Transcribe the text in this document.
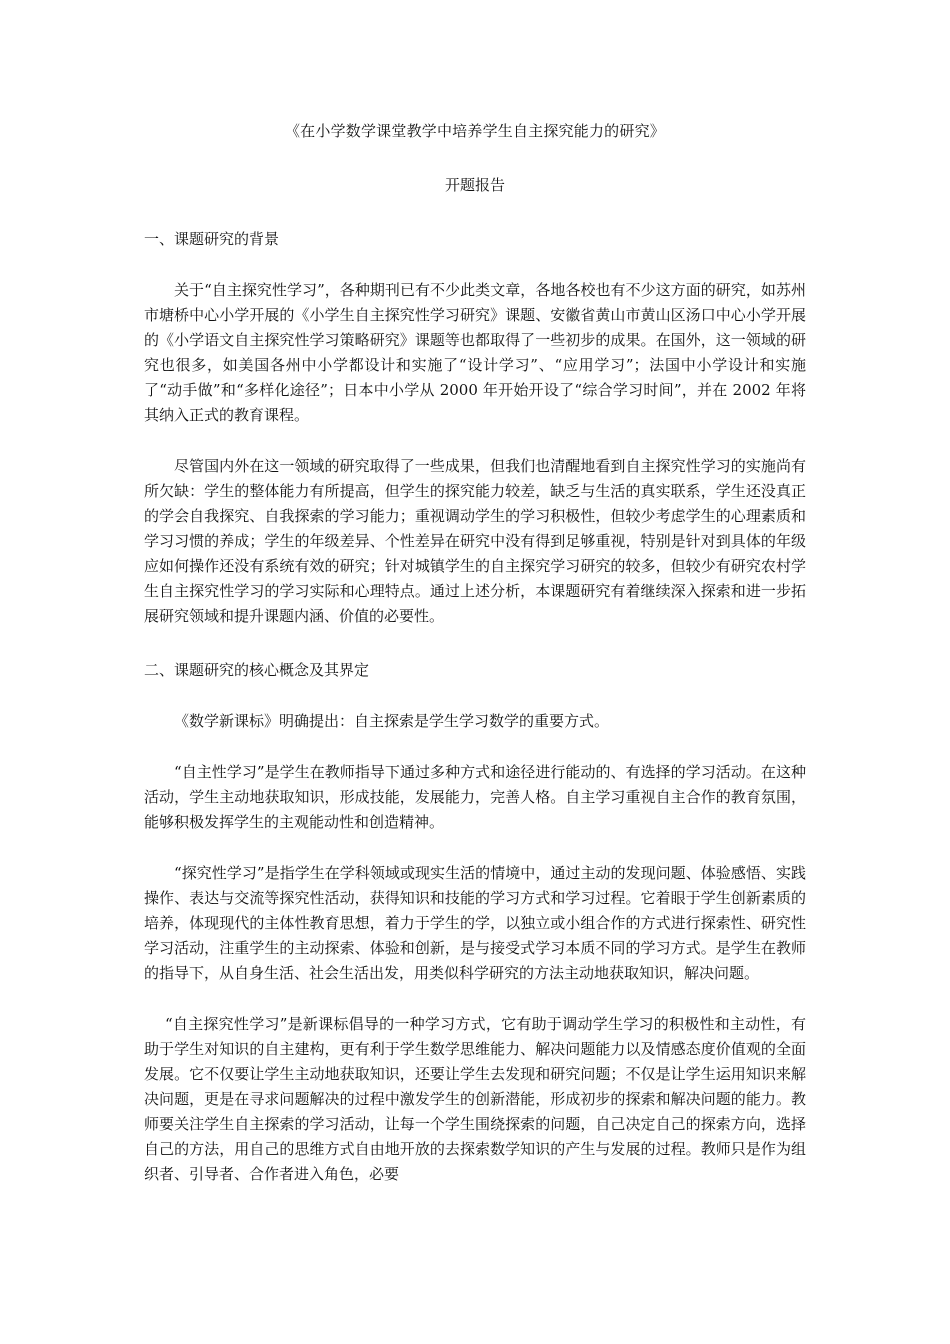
《在小学数学课堂教学中培养学生自主探究能力的研究》

开题报告

一、课题研究的背景

关于“自主探究性学习”，各种期刊已有不少此类文章，各地各校也有不少这方面的研究，如苏州市塘桥中心小学开展的《小学生自主探究性学习研究》课题、安徽省黄山市黄山区汤口中心小学开展的《小学语文自主探究性学习策略研究》课题等也都取得了一些初步的成果。在国外，这一领域的研究也很多，如美国各州中小学都设计和实施了“设计学习”、“应用学习”；法国中小学设计和实施了“动手做”和“多样化途径”；日本中小学从 2000 年开始开设了“综合学习时间”，并在 2002 年将其纳入正式的教育课程。

尽管国内外在这一领域的研究取得了一些成果，但我们也清醒地看到自主探究性学习的实施尚有所欠缺：学生的整体能力有所提高，但学生的探究能力较差，缺乏与生活的真实联系，学生还没真正的学会自我探究、自我探索的学习能力；重视调动学生的学习积极性，但较少考虑学生的心理素质和学习习惯的养成；学生的年级差异、个性差异在研究中没有得到足够重视，特别是针对到具体的年级应如何操作还没有系统有效的研究；针对城镇学生的自主探究学习研究的较多，但较少有研究农村学生自主探究性学习的学习实际和心理特点。通过上述分析，本课题研究有着继续深入探索和进一步拓展研究领域和提升课题内涵、价值的必要性。

二、课题研究的核心概念及其界定

《数学新课标》明确提出：自主探索是学生学习数学的重要方式。

“自主性学习”是学生在教师指导下通过多种方式和途径进行能动的、有选择的学习活动。在这种活动，学生主动地获取知识，形成技能，发展能力，完善人格。自主学习重视自主合作的教育氛围，能够积极发挥学生的主观能动性和创造精神。

“探究性学习”是指学生在学科领域或现实生活的情境中，通过主动的发现问题、体验感悟、实践操作、表达与交流等探究性活动，获得知识和技能的学习方式和学习过程。它着眼于学生创新素质的培养，体现现代的主体性教育思想，着力于学生的学，以独立或小组合作的方式进行探索性、研究性学习活动，注重学生的主动探索、体验和创新，是与接受式学习本质不同的学习方式。是学生在教师的指导下，从自身生活、社会生活出发，用类似科学研究的方法主动地获取知识，解决问题。

“自主探究性学习”是新课标倡导的一种学习方式，它有助于调动学生学习的积极性和主动性，有助于学生对知识的自主建构，更有利于学生数学思维能力、解决问题能力以及情感态度价值观的全面发展。它不仅要让学生主动地获取知识，还要让学生去发现和研究问题；不仅是让学生运用知识来解决问题，更是在寻求问题解决的过程中激发学生的创新潜能，形成初步的探索和解决问题的能力。教师要关注学生自主探索的学习活动，让每一个学生围绕探索的问题，自己决定自己的探索方向，选择自己的方法，用自己的思维方式自由地开放的去探索数学知识的产生与发展的过程。教师只是作为组织者、引导者、合作者进入角色，必要
